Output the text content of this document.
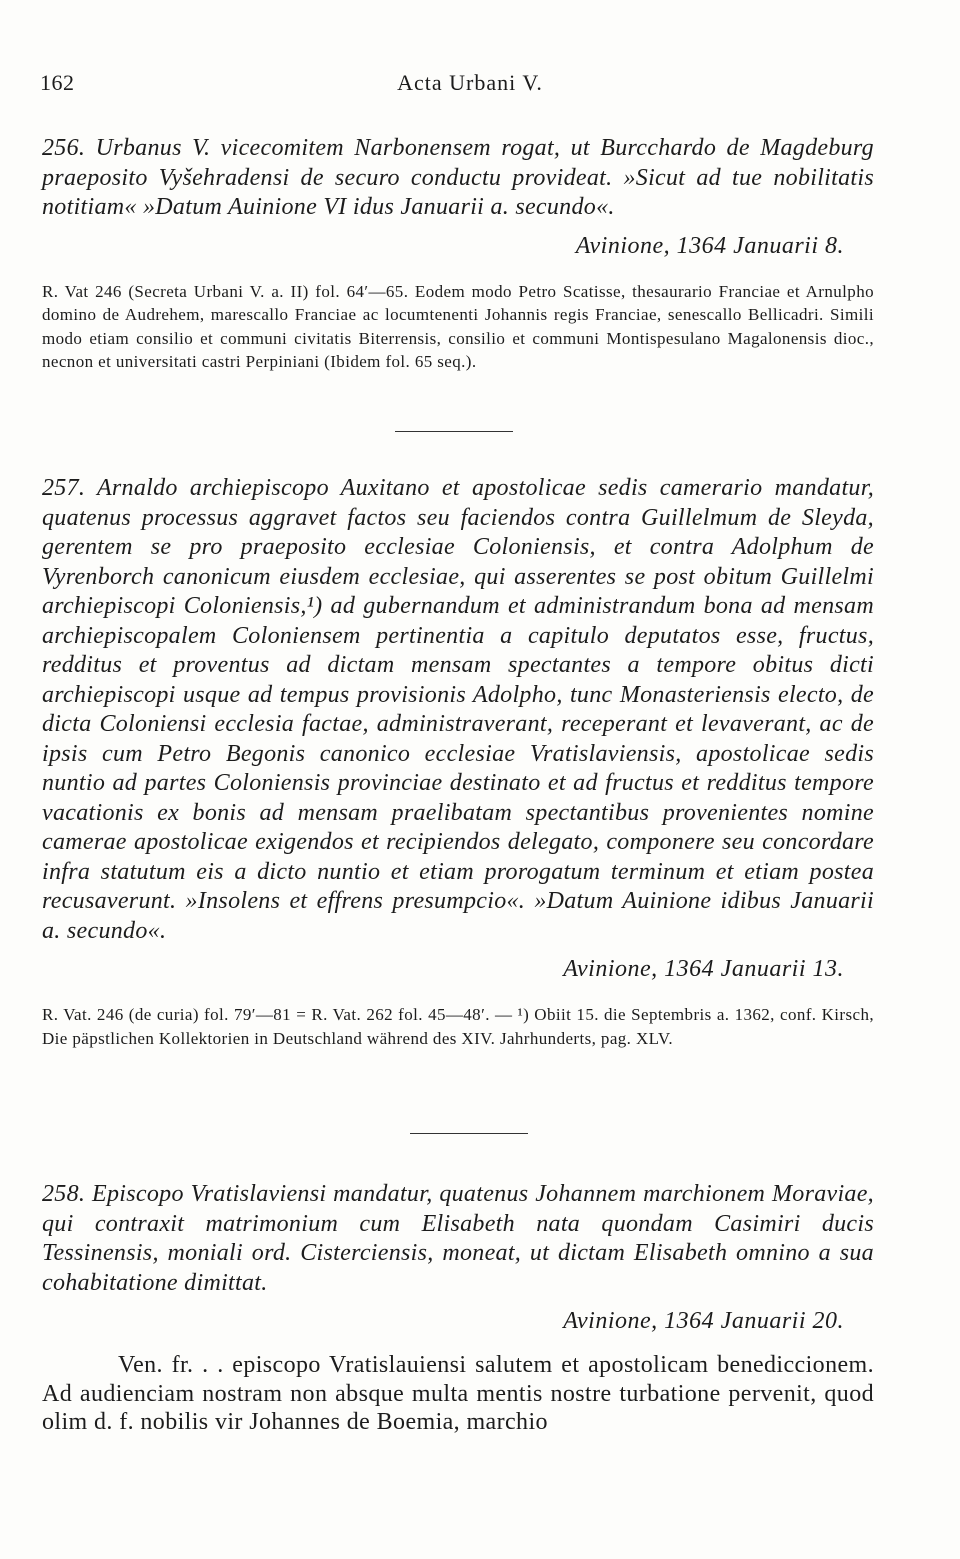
162	Acta Urbani V.

256. Urbanus V. vicecomitem Narbonensem rogat, ut Burcchardo de Magdeburg praeposito Vyšehradensi de securo conductu provideat. »Sicut ad tue nobilitatis notitiam« »Datum Auinione VI idus Januarii a. secundo«.

Avinione, 1364 Januarii 8.

R. Vat 246 (Secreta Urbani V. a. II) fol. 64′—65. Eodem modo Petro Scatisse, thesaurario Franciae et Arnulpho domino de Audrehem, marescallo Franciae ac locumtenenti Johannis regis Franciae, senescallo Bellicadri. Simili modo etiam consilio et communi civitatis Biterrensis, consilio et communi Montispesulano Magalonensis dioc., necnon et universitati castri Perpiniani (Ibidem fol. 65 seq.).

257. Arnaldo archiepiscopo Auxitano et apostolicae sedis camerario mandatur, quatenus processus aggravet factos seu faciendos contra Guillelmum de Sleyda, gerentem se pro praeposito ecclesiae Coloniensis, et contra Adolphum de Vyrenborch canonicum eiusdem ecclesiae, qui asserentes se post obitum Guillelmi archiepiscopi Coloniensis,¹) ad gubernandum et administrandum bona ad mensam archiepiscopalem Coloniensem pertinentia a capitulo deputatos esse, fructus, redditus et proventus ad dictam mensam spectantes a tempore obitus dicti archiepiscopi usque ad tempus provisionis Adolpho, tunc Monasteriensis electo, de dicta Coloniensi ecclesia factae, administraverant, receperant et levaverant, ac de ipsis cum Petro Begonis canonico ecclesiae Vratislaviensis, apostolicae sedis nuntio ad partes Coloniensis provinciae destinato et ad fructus et redditus tempore vacationis ex bonis ad mensam praelibatam spectantibus provenientes nomine camerae apostolicae exigendos et recipiendos delegato, componere seu concordare infra statutum eis a dicto nuntio et etiam prorogatum terminum et etiam postea recusaverunt. »Insolens et effrens presumpcio«. »Datum Auinione idibus Januarii a. secundo«.

Avinione, 1364 Januarii 13.

R. Vat. 246 (de curia) fol. 79′—81 = R. Vat. 262 fol. 45—48′. — ¹) Obiit 15. die Septembris a. 1362, conf. Kirsch, Die päpstlichen Kollektorien in Deutschland während des XIV. Jahrhunderts, pag. XLV.

258. Episcopo Vratislaviensi mandatur, quatenus Johannem marchionem Moraviae, qui contraxit matrimonium cum Elisabeth nata quondam Casimiri ducis Tessinensis, moniali ord. Cisterciensis, moneat, ut dictam Elisabeth omnino a sua cohabitatione dimittat.

Avinione, 1364 Januarii 20.

Ven. fr. . . episcopo Vratislauiensi salutem et apostolicam benediccionem. Ad audienciam nostram non absque multa mentis nostre turbatione pervenit, quod olim d. f. nobilis vir Johannes de Boemia, marchio
